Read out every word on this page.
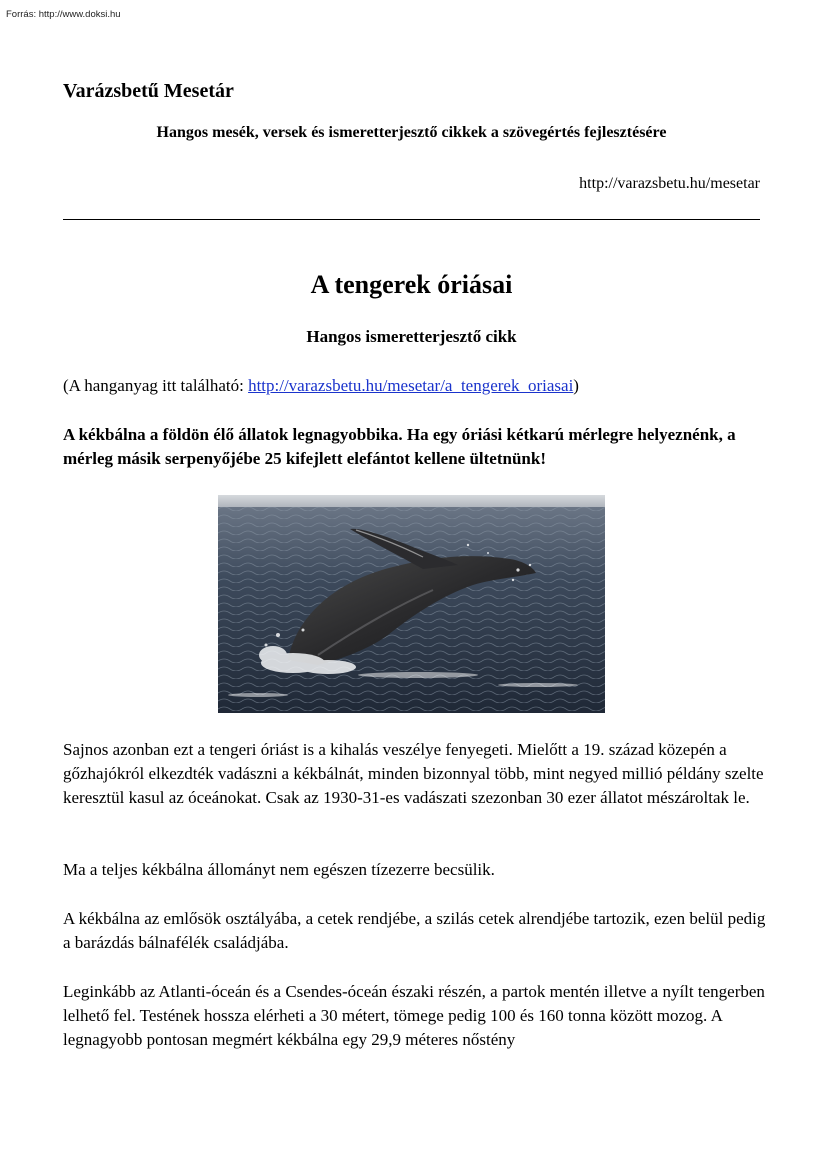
Forrás: http://www.doksi.hu
Varázsbetű Mesetár
Hangos mesék, versek és ismeretterjesztő cikkek a szövegértés fejlesztésére
http://varazsbetu.hu/mesetar
A tengerek óriásai
Hangos ismeretterjesztő cikk
(A hanganyag itt található: http://varazsbetu.hu/mesetar/a_tengerek_oriasai)
A kékbálna a földön élő állatok legnagyobbika. Ha egy óriási kétkarú mérlegre helyeznénk, a mérleg másik serpenyőjébe 25 kifejlett elefántot kellene ültetnünk!

Sajnos azonban ezt a tengeri óriást is a kihalás veszélye fenyegeti. Mielőtt a 19. század közepén a gőzhajókról elkezdték vadászni a kékbálnát, minden bizonnyal több, mint negyed millió példány szelte keresztül kasul az óceánokat. Csak az 1930-31-es vadászati szezonban 30 ezer állatot mészároltak le.

Ma a teljes kékbálna állományt nem egészen tízezerre becsülik.

A kékbálna az emlősök osztályába, a cetek rendjébe, a szilás cetek alrendjébe tartozik, ezen belül pedig a barázdás bálnafélék családjába.

Leginkább az Atlanti-óceán és a Csendes-óceán északi részén, a partok mentén illetve a nyílt tengerben lelhető fel. Testének hossza elérheti a 30 métert, tömege pedig 100 és 160 tonna között mozog. A legnagyobb pontosan megmért kékbálna egy 29,9 méteres nőstény
